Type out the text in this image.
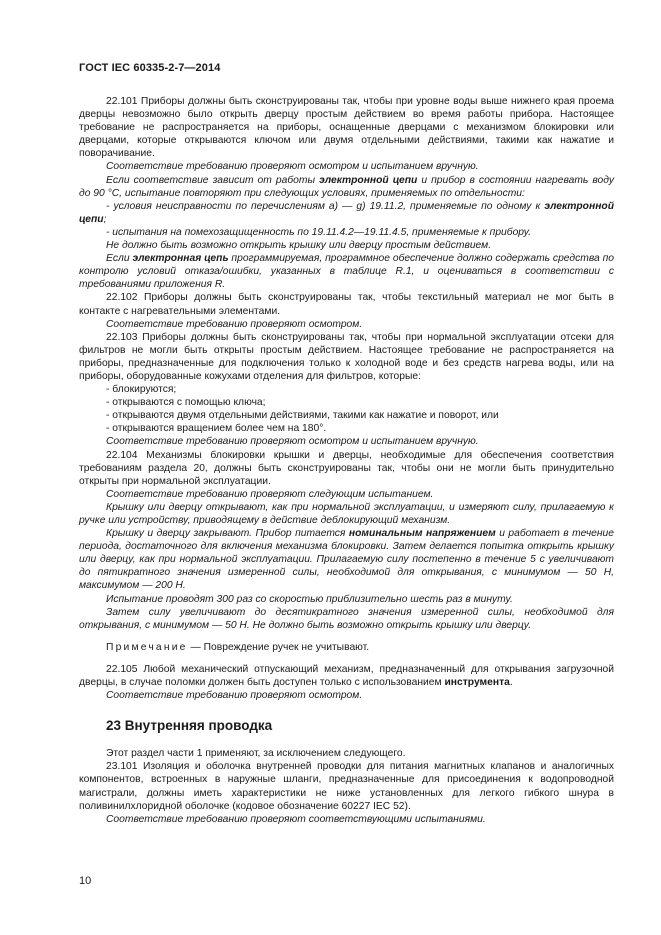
ГОСТ IEC 60335-2-7—2014

22.101 Приборы должны быть сконструированы так, чтобы при уровне воды выше нижнего края проема дверцы невозможно было открыть дверцу простым действием во время работы прибора. Настоящее требование не распространяется на приборы, оснащенные дверцами с механизмом блокировки или дверцами, которые открываются ключом или двумя отдельными действиями, такими как нажатие и поворачивание.

Соответствие требованию проверяют осмотром и испытанием вручную.

Если соответствие зависит от работы электронной цепи и прибор в состоянии нагревать воду до 90 °С, испытание повторяют при следующих условиях, применяемых по отдельности:

- условия неисправности по перечислениям a) — g) 19.11.2, применяемые по одному к электронной цепи;

- испытания на помехозащищенность по 19.11.4.2—19.11.4.5, применяемые к прибору.

Не должно быть возможно открыть крышку или дверцу простым действием.

Если электронная цепь программируемая, программное обеспечение должно содержать средства по контролю условий отказа/ошибки, указанных в таблице R.1, и оцениваться в соответствии с требованиями приложения R.

22.102 Приборы должны быть сконструированы так, чтобы текстильный материал не мог быть в контакте с нагревательными элементами.

Соответствие требованию проверяют осмотром.

22.103 Приборы должны быть сконструированы так, чтобы при нормальной эксплуатации отсеки для фильтров не могли быть открыты простым действием. Настоящее требование не распространяется на приборы, предназначенные для подключения только к холодной воде и без средств нагрева воды, или на приборы, оборудованные кожухами отделения для фильтров, которые:

- блокируются;

- открываются с помощью ключа;

- открываются двумя отдельными действиями, такими как нажатие и поворот, или

- открываются вращением более чем на 180°.

Соответствие требованию проверяют осмотром и испытанием вручную.

22.104 Механизмы блокировки крышки и дверцы, необходимые для обеспечения соответствия требованиям раздела 20, должны быть сконструированы так, чтобы они не могли быть принудительно открыты при нормальной эксплуатации.

Соответствие требованию проверяют следующим испытанием.

Крышку или дверцу открывают, как при нормальной эксплуатации, и измеряют силу, прилагаемую к ручке или устройству, приводящему в действие деблокирующий механизм.

Крышку и дверцу закрывают. Прибор питается номинальным напряжением и работает в течение периода, достаточного для включения механизма блокировки. Затем делается попытка открыть крышку или дверцу, как при нормальной эксплуатации. Прилагаемую силу постепенно в течение 5 с увеличивают до пятикратного значения измеренной силы, необходимой для открывания, с минимумом — 50 Н, максимумом — 200 Н.

Испытание проводят 300 раз со скоростью приблизительно шесть раз в минуту.

Затем силу увеличивают до десятикратного значения измеренной силы, необходимой для открывания, с минимумом — 50 Н. Не должно быть возможно открыть крышку или дверцу.

Примечание — Повреждение ручек не учитывают.

22.105 Любой механический отпускающий механизм, предназначенный для открывания загрузочной дверцы, в случае поломки должен быть доступен только с использованием инструмента.

Соответствие требованию проверяют осмотром.

23 Внутренняя проводка

Этот раздел части 1 применяют, за исключением следующего.

23.101 Изоляция и оболочка внутренней проводки для питания магнитных клапанов и аналогичных компонентов, встроенных в наружные шланги, предназначенные для присоединения к водопроводной магистрали, должны иметь характеристики не ниже установленных для легкого гибкого шнура в поливинилхлоридной оболочке (кодовое обозначение 60227 IEC 52).

Соответствие требованию проверяют соответствующими испытаниями.

10
